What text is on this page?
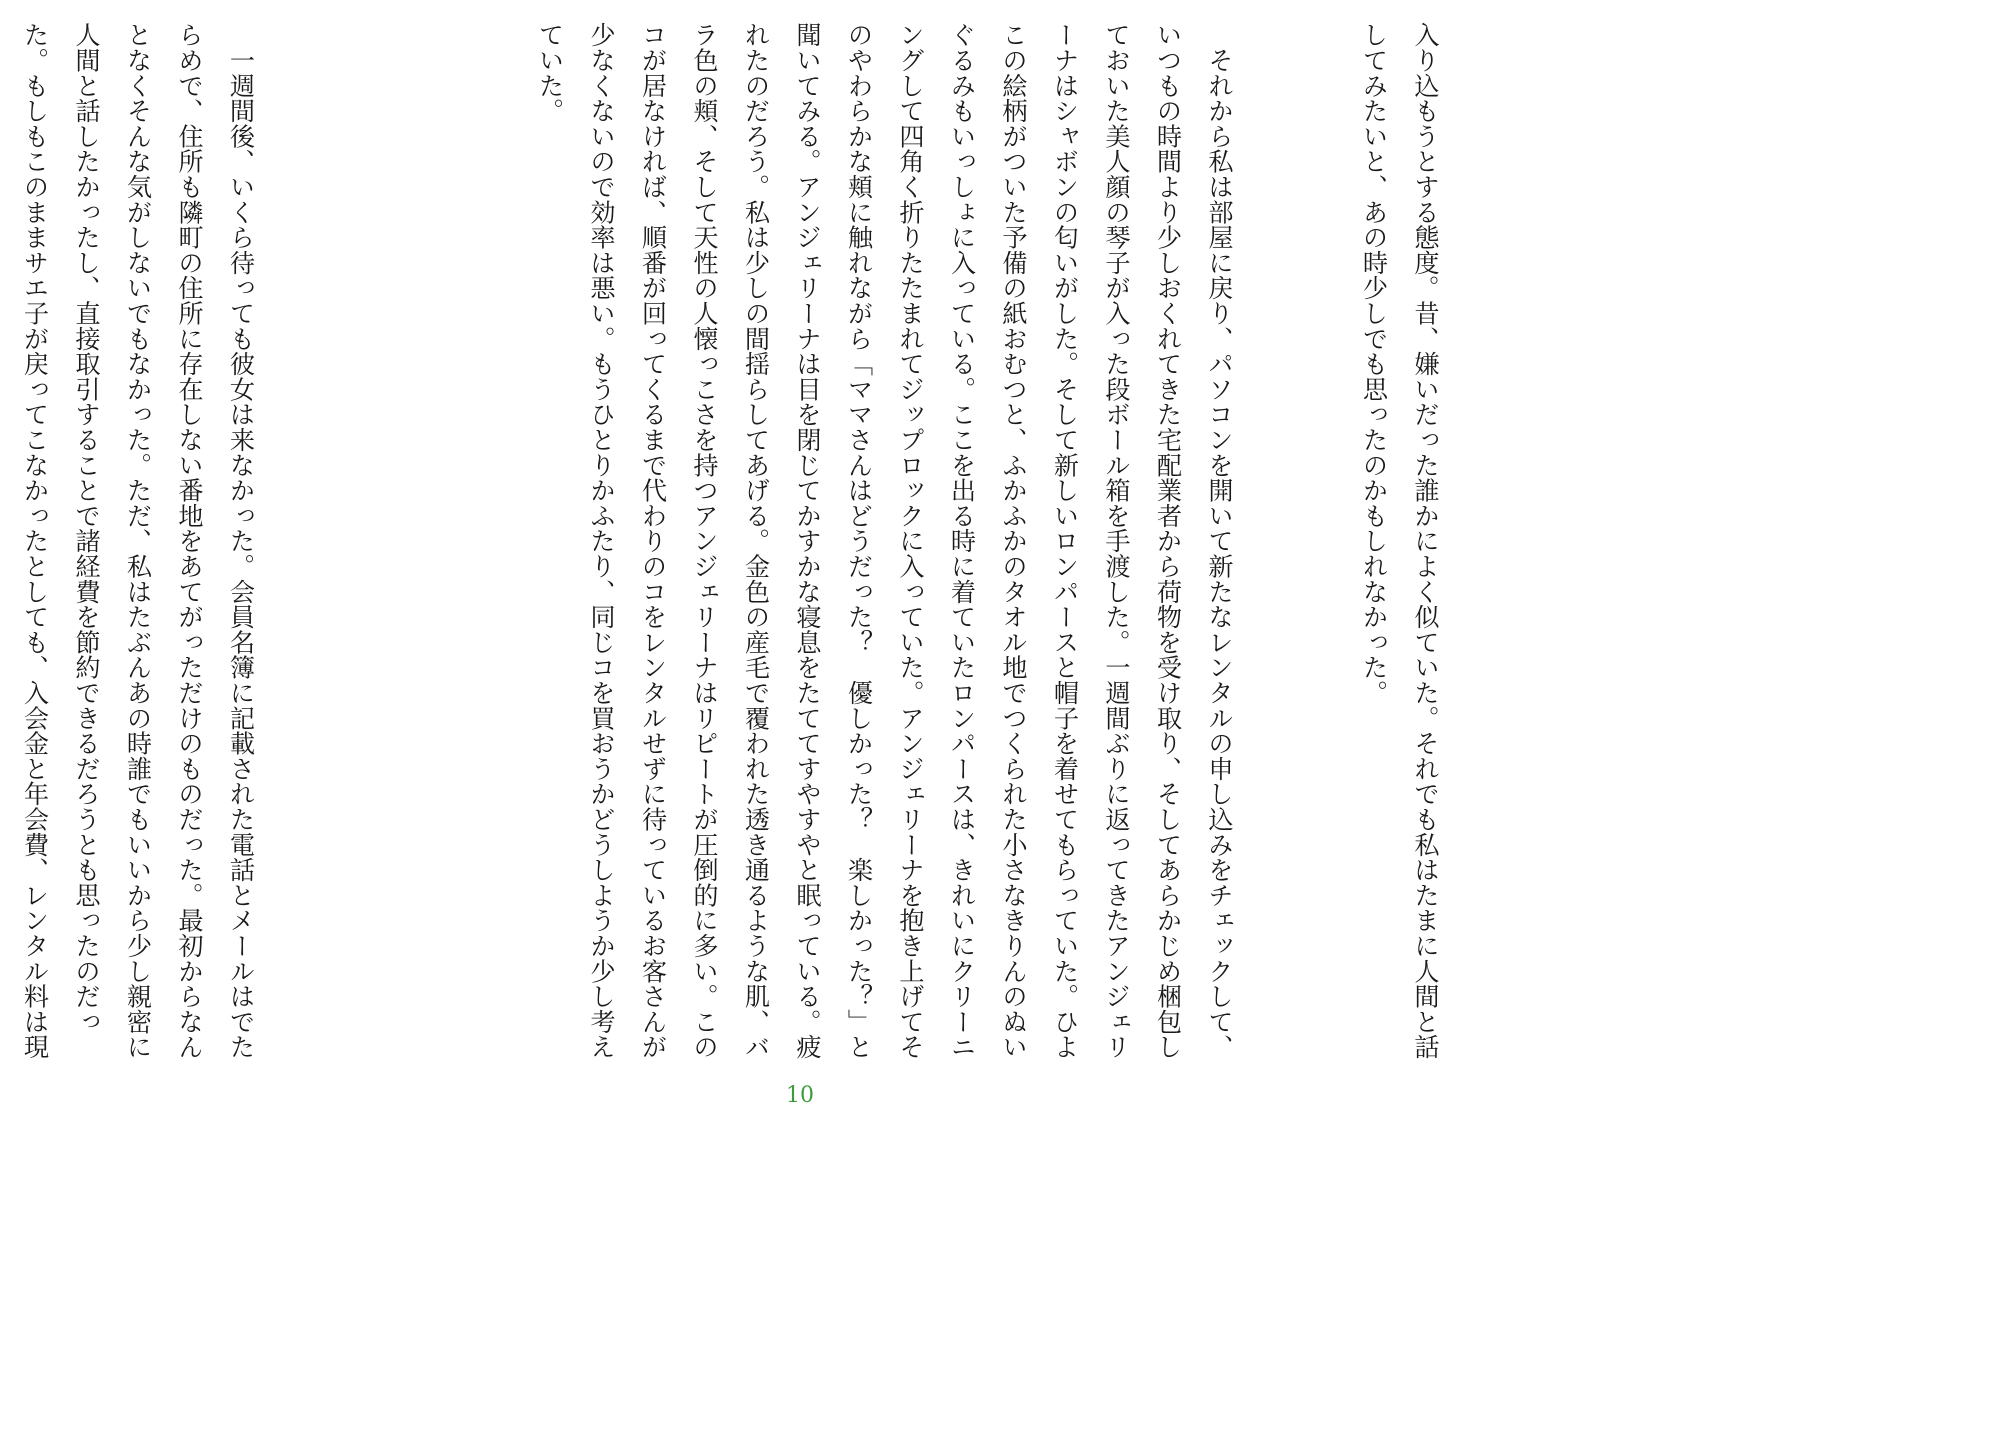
入り込もうとする態度。昔、嫌いだった誰かによく似ていた。それでも私はたまに人間と話してみたいと、あの時少しでも思ったのかもしれなかった。

　それから私は部屋に戻り、パソコンを開いて新たなレンタルの申し込みをチェックして、いつもの時間より少しおくれてきた宅配業者から荷物を受け取り、そしてあらかじめ梱包しておいた美人顔の琴子が入った段ボール箱を手渡した。一週間ぶりに返ってきたアンジェリーナはシャボンの匂いがした。そして新しいロンパースと帽子を着せてもらっていた。ひよこの絵柄がついた予備の紙おむつと、ふかふかのタオル地でつくられた小さなきりんのぬいぐるみもいっしょに入っている。ここを出る時に着ていたロンパースは、きれいにクリーニングして四角く折りたたまれてジップロックに入っていた。アンジェリーナを抱き上げてそのやわらかな頬に触れながら「ママさんはどうだった？　優しかった？　楽しかった？」と聞いてみる。アンジェリーナは目を閉じてかすかな寝息をたててすやすやと眠っている。疲れたのだろう。私は少しの間揺らしてあげる。金色の産毛で覆われた透き通るような肌、バラ色の頬、そして天性の人懐っこさを持つアンジェリーナはリピートが圧倒的に多い。このコが居なければ、順番が回ってくるまで代わりのコをレンタルせずに待っているお客さんが少なくないので効率は悪い。もうひとりかふたり、同じコを買おうかどうしようか少し考えていた。

　一週間後、いくら待っても彼女は来なかった。会員名簿に記載された電話とメールはでたらめで、住所も隣町の住所に存在しない番地をあてがっただけのものだった。最初からなんとなくそんな気がしないでもなかった。ただ、私はたぶんあの時誰でもいいから少し親密に人間と話したかったし、直接取引することで諸経費を節約できるだろうとも思ったのだった。もしもこのままサエ子が戻ってこなかったとしても、入会金と年会費、レンタル料は現

10
